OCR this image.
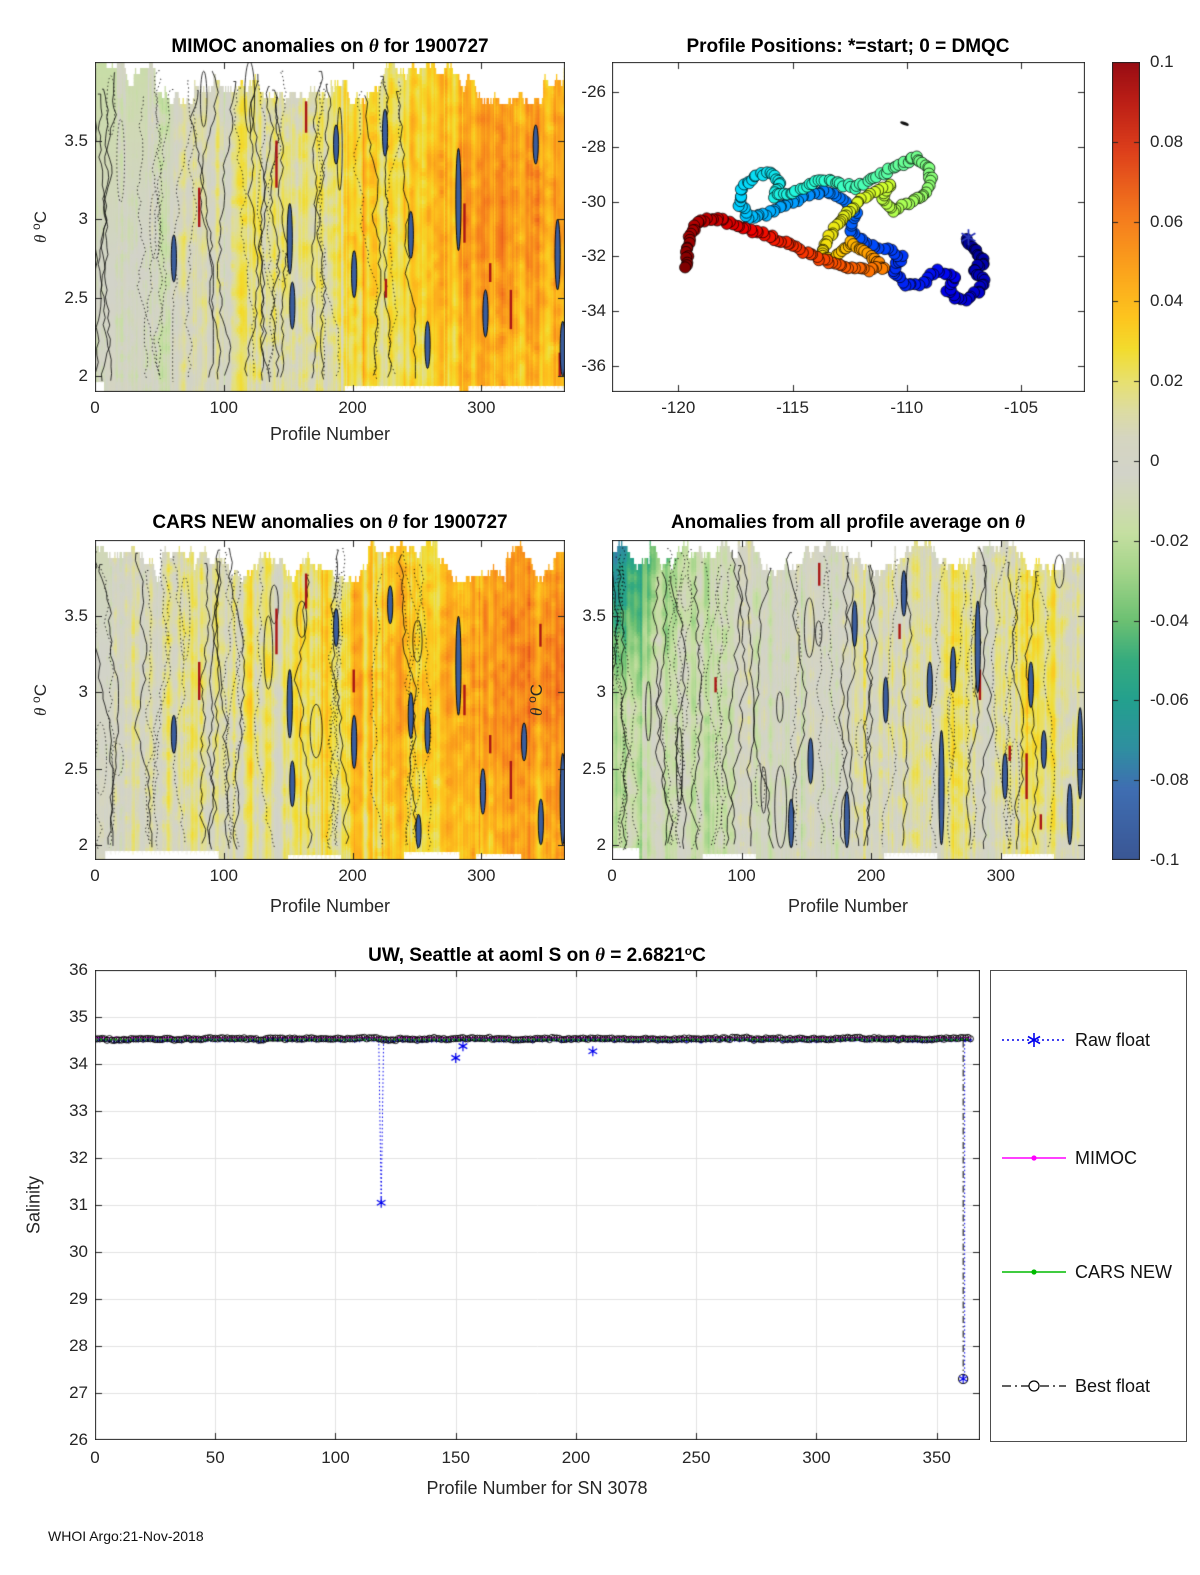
MIMOC anomalies on θ for 1900727	Profile Positions: *=start; 0 = DMQC
CARS NEW anomalies on θ for 1900727	Anomalies from all profile average on θ
UW, Seattle at aoml S on $\theta = 2.6821^oC$
Profile Number
Profile Number	Profile Number
Profile Number for SN 3078
θ $^o$C
θ $^o$C
θ $^o$C
Salinity
Raw float
MIMOC
CARS NEW
Best float
WHOI Argo:21-Nov-2018
0	100	200	300
3.5
3
2.5
2
-120	-115	-110	-105
-26
-28
-30
-32
-34
-36
0	100	200	300
3.5
3
2.5
2
0	100	200	300
3.5
3
2.5
2
0.1
0.08
0.06
0.04
0.02
0
-0.02
-0.04
-0.06
-0.08
-0.1
0	50	100	150	200	250	300	350
26
27
28
29
30
31
32
33
34
35
36
